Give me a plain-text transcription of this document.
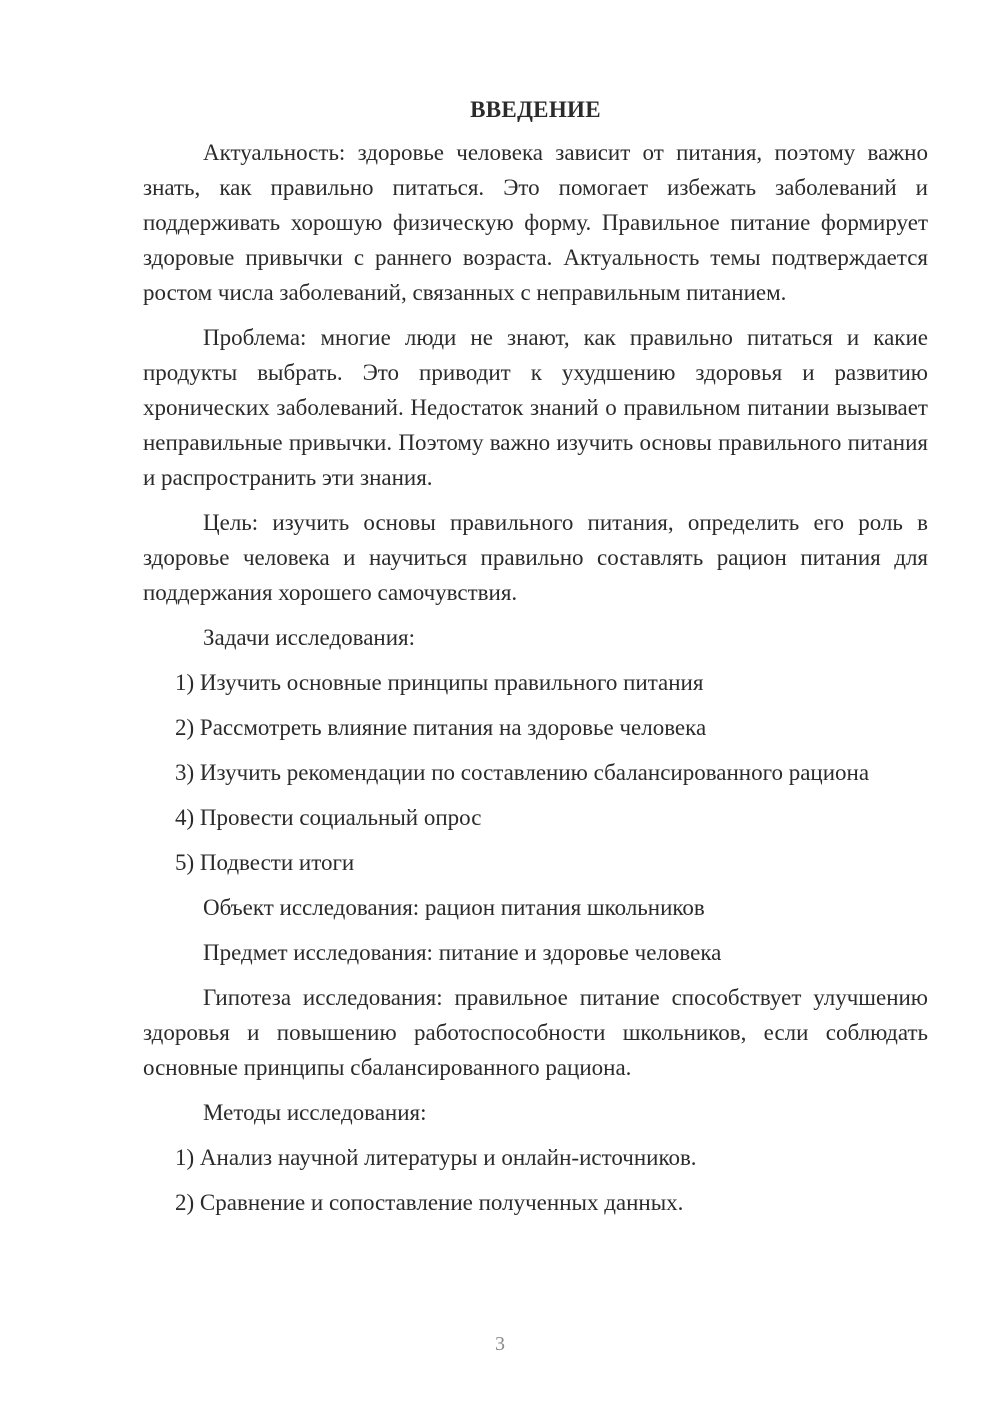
ВВЕДЕНИЕ

Актуальность: здоровье человека зависит от питания, поэтому важно знать, как правильно питаться. Это помогает избежать заболеваний и поддерживать хорошую физическую форму. Правильное питание формирует здоровые привычки с раннего возраста. Актуальность темы подтверждается ростом числа заболеваний, связанных с неправильным питанием.

Проблема: многие люди не знают, как правильно питаться и какие продукты выбрать. Это приводит к ухудшению здоровья и развитию хронических заболеваний. Недостаток знаний о правильном питании вызывает неправильные привычки. Поэтому важно изучить основы правильного питания и распространить эти знания.

Цель: изучить основы правильного питания, определить его роль в здоровье человека и научиться правильно составлять рацион питания для поддержания хорошего самочувствия.

Задачи исследования:

1) Изучить основные принципы правильного питания

2) Рассмотреть влияние питания на здоровье человека

3) Изучить рекомендации по составлению сбалансированного рациона

4) Провести социальный опрос

5) Подвести итоги

Объект исследования: рацион питания школьников

Предмет исследования: питание и здоровье человека

Гипотеза исследования: правильное питание способствует улучшению здоровья и повышению работоспособности школьников, если соблюдать основные принципы сбалансированного рациона.

Методы исследования:

1) Анализ научной литературы и онлайн-источников.

2) Сравнение и сопоставление полученных данных.

3
